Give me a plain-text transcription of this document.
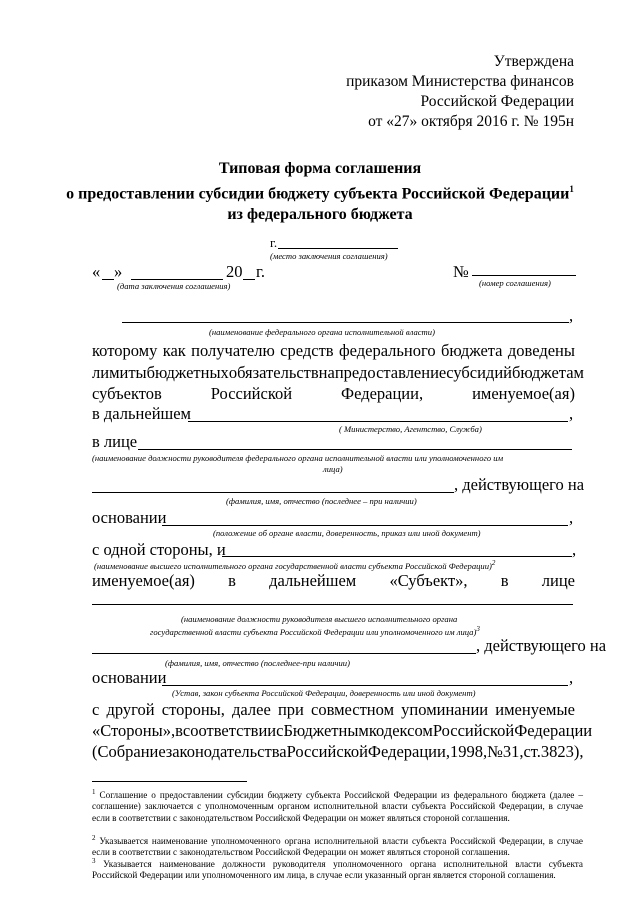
Утверждена
приказом Министерства финансов
Российской Федерации
от «27» октября 2016 г. № 195н
Типовая форма соглашения
о предоставлении субсидии бюджету субъекта Российской Федерации$^1$
из федерального бюджета
г.
(место заключения соглашения)
« »	20 г.
(дата заключения соглашения)
№
(номер соглашения)
,
(наименование федерального органа исполнительной власти)
которому как получателю средств федерального бюджета доведены
лимиты бюджетных обязательств на предоставление субсидий бюджетам
субъектов	Российской	Федерации,	именуемое(ая)
в дальнейшем	,
( Министерство, Агентство, Служба)
в лице
(наименование должности руководителя федерального органа исполнительной власти или уполномоченного им
лица)
, действующего на
(фамилия, имя, отчество (последнее – при наличии)
основании	,
(положение об органе власти, доверенность, приказ или иной документ)
с одной стороны, и	,
(наименование высшего исполнительного органа государственной власти субъекта Российской Федерации)$^2$
именуемое(ая) в дальнейшем «Субъект», в лице
(наименование должности руководителя высшего исполнительного органа
государственной власти субъекта Российской Федерации или уполномоченного им лица)$^3$
, действующего на
(фамилия, имя, отчество (последнее-при наличии)
основании	,
(Устав, закон субъекта Российской Федерации, доверенность или иной документ)
с другой стороны, далее при совместном упоминании именуемые
«Стороны», в соответствии с Бюджетным кодексом Российской Федерации
(Собрание законодательства Российской Федерации, 1998, № 31, ст. 3823),
$^1$ Соглашение о предоставлении субсидии бюджету субъекта Российской Федерации из федерального бюджета (далее – соглашение) заключается с уполномоченным органом исполнительной власти субъекта Российской Федерации, в случае если в соответствии с законодательством Российской Федерации он может являться стороной соглашения.
$^2$ Указывается наименование уполномоченного органа исполнительной власти субъекта Российской Федерации, в случае если в соответствии с законодательством Российской Федерации он может являться стороной соглашения.
$^3$ Указывается наименование должности руководителя уполномоченного органа исполнительной власти субъекта Российской Федерации или уполномоченного им лица, в случае если указанный орган является стороной соглашения.
